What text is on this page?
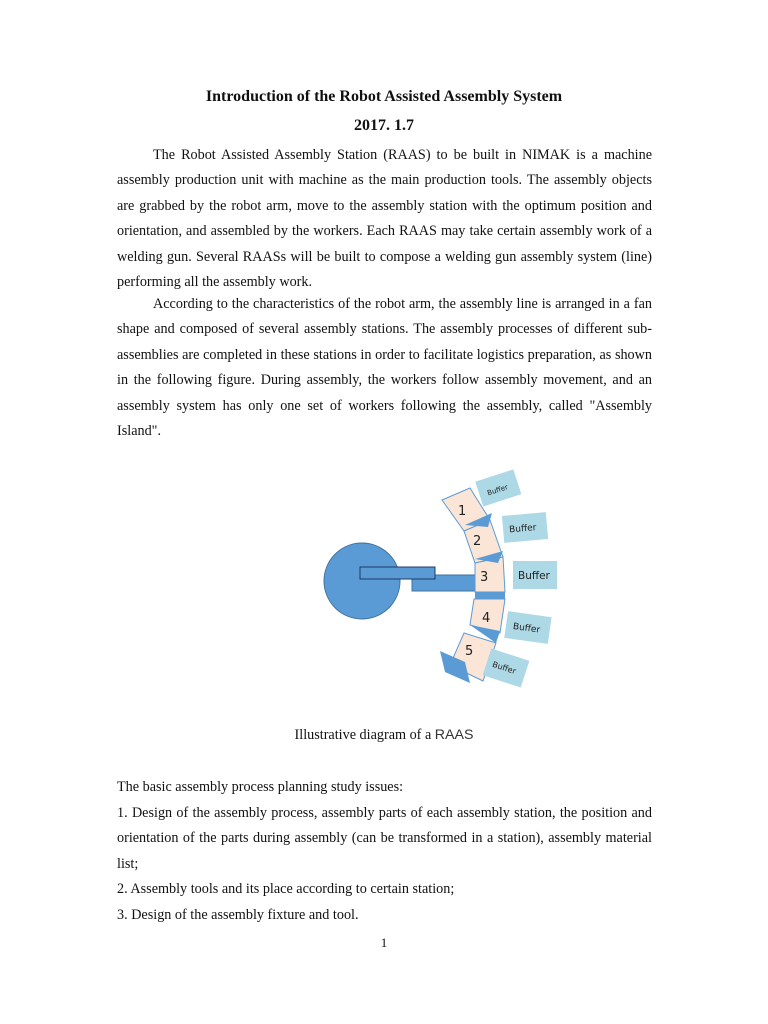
Introduction of the Robot Assisted Assembly System
2017. 1.7

The Robot Assisted Assembly Station (RAAS) to be built in NIMAK is a machine assembly production unit with machine as the main production tools. The assembly objects are grabbed by the robot arm, move to the assembly station with the optimum position and orientation, and assembled by the workers. Each RAAS may take certain assembly work of a welding gun. Several RAASs will be built to compose a welding gun assembly system (line) performing all the assembly work.

According to the characteristics of the robot arm, the assembly line is arranged in a fan shape and composed of several assembly stations. The assembly processes of different sub-assemblies are completed in these stations in order to facilitate logistics preparation, as shown in the following figure. During assembly, the workers follow assembly movement, and an assembly system has only one set of workers following the assembly, called "Assembly Island".

1
2
3
4
5
Buffer
Buffer
Buffer
Buffer
Buffer
Illustrative diagram of a RAAS

The basic assembly process planning study issues:

1. Design of the assembly process, assembly parts of each assembly station, the position and orientation of the parts during assembly (can be transformed in a station), assembly material list;

2. Assembly tools and its place according to certain station;

3. Design of the assembly fixture and tool.

1
